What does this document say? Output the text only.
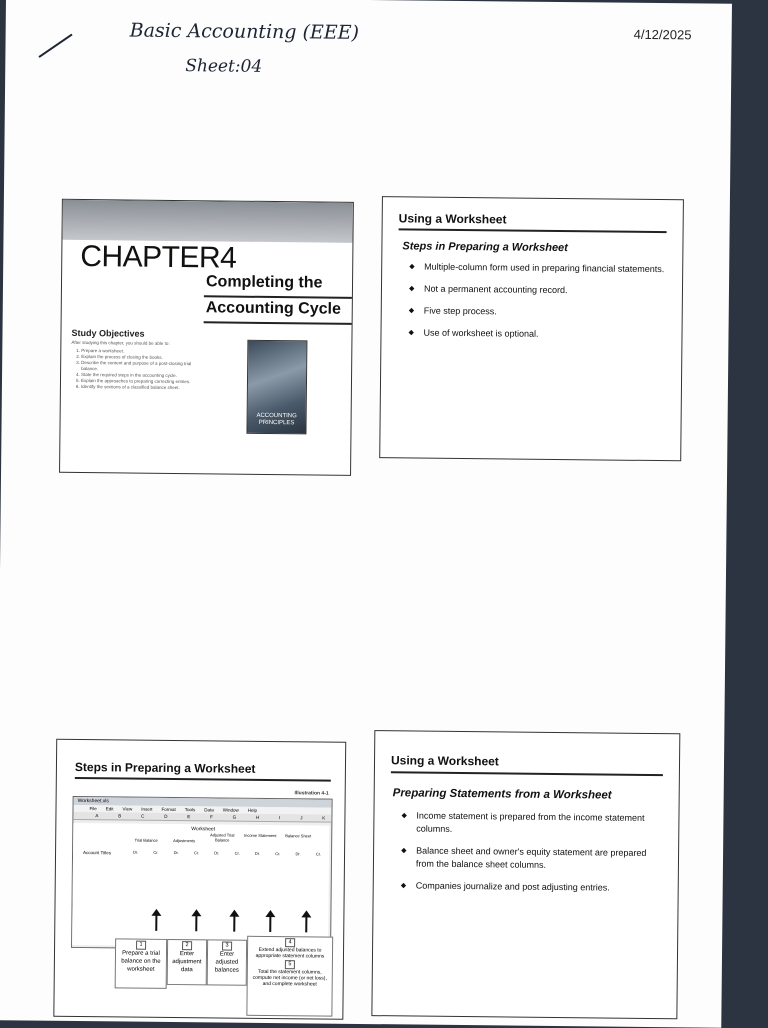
Basic Accounting (EEE)
Sheet:04
4/12/2025
CHAPTER4
Completing the
Accounting Cycle
Study Objectives
After studying this chapter, you should be able to:
1. Prepare a worksheet.
2. Explain the process of closing the books.
3. Describe the content and purpose of a post-closing trial balance.
4. State the required steps in the accounting cycle.
5. Explain the approaches to preparing correcting entries.
6. Identify the sections of a classified balance sheet.
ACCOUNTING PRINCIPLES
Using a Worksheet
Steps in Preparing a Worksheet
◆ Multiple-column form used in preparing financial statements.
◆ Not a permanent accounting record.
◆ Five step process.
◆ Use of worksheet is optional.
Steps in Preparing a Worksheet
Illustration 4-1
Worksheet.xls
File Edit View Insert Format Tools Data Window Help
A	B	C	D	E	F	G	H	I	J	K
Worksheet
Trial Balance	Adjustments
Adjusted Trial Balance
Income Statement	Balance Sheet
Account Titles	Dr.	Cr.	Dr.	Cr.	Dr.	Cr.	Dr.	Cr.	Dr.	Cr.
1
Prepare a trial balance on the worksheet
2
Enter adjustment data
3
Enter adjusted balances
4
Extend adjusted balances to appropriate statement columns
5
Total the statement columns, compute net income (or net loss), and complete worksheet
Using a Worksheet
Preparing Statements from a Worksheet
◆ Income statement is prepared from the income statement columns.
◆ Balance sheet and owner's equity statement are prepared from the balance sheet columns.
◆ Companies journalize and post adjusting entries.
